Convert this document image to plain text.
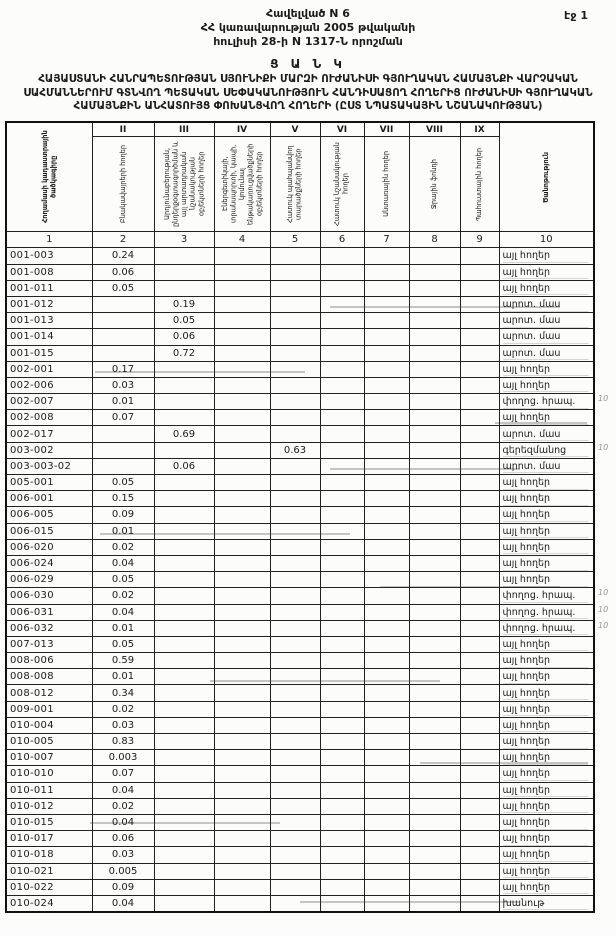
էջ 1
Հավելված N 6
ՀՀ կառավարության 2005 թվականի
հուլիսի 28-ի N 1317-Ն որոշման
Ց Ա Ն Կ
ՀԱՅԱՍՏԱՆԻ ՀԱՆՐԱՊԵՏՈՒԹՅԱՆ ՍՅՈՒՆԻՔԻ ՄԱՐԶԻ ՈՒԺԱՆԻՍԻ ԳՅՈՒՂԱԿԱՆ ՀԱՄԱՅՆՔԻ ՎԱՐՉԱԿԱՆ ՍԱՀՄԱՆՆԵՐՈՒՄ ԳՏՆՎՈՂ ՊԵՏԱԿԱՆ ՍԵՓԱԿԱՆՈՒԹՅՈՒՆ ՀԱՆԴԻՍԱՑՈՂ ՀՈՂԵՐԻՑ ՈՒԺԱՆԻՍԻ ԳՅՈՒՂԱԿԱՆ ՀԱՄԱՅՆՔԻՆ ԱՆՀԱՏՈՒՅՑ ՓՈԽԱՆՑՎՈՂ ՀՈՂԵՐԻ (ԸՍՏ ՆՊԱՏԱԿԱՅԻՆ ՆՇԱՆԱԿՈՒԹՅԱՆ)
Հողամասի կադաստրային ծածկագիրը	II	III	IV	V	VI	VII	VIII	IX	Ծանոթություն

	Բնակավայրերի հողեր	Արդյունաբերության, ընդերքօգտագործման և այլ արտադրական նշանակության օբյեկտների հողեր	Էներգետիկայի, տրանսպորտի, կապի, կոմունալ ենթակառուցվածքների օբյեկտների հողեր	Հատուկ պահպանվող տարածքների հողեր	Հատուկ նշանակության հողեր	Անտառային հողեր	Ջրային ֆոնդի	Պահուստային հողեր	

1	2	3	4	5	6	7	8	9	10
001-003	0.24								այլ հողեր
001-008	0.06								այլ հողեր
001-011	0.05								այլ հողեր
001-012		0.19							արոտ. մաս
001-013		0.05							արոտ. մաս
001-014		0.06							արոտ. մաս
001-015		0.72							արոտ. մաս
002-001	0.17								այլ հողեր
002-006	0.03								այլ հողեր
002-007	0.01								փողոց. հրապ.
002-008	0.07								այլ հողեր
002-017		0.69							արոտ. մաս
003-002				0.63					գերեզմանոց
003-003-02		0.06							արոտ. մաս
005-001	0.05								այլ հողեր
006-001	0.15								այլ հողեր
006-005	0.09								այլ հողեր
006-015	0.01								այլ հողեր
006-020	0.02								այլ հողեր
006-024	0.04								այլ հողեր
006-029	0.05								այլ հողեր
006-030	0.02								փողոց. հրապ.
006-031	0.04								փողոց. հրապ.
006-032	0.01								փողոց. հրապ.
007-013	0.05								այլ հողեր
008-006	0.59								այլ հողեր
008-008	0.01								այլ հողեր
008-012	0.34								այլ հողեր
009-001	0.02								այլ հողեր
010-004	0.03								այլ հողեր
010-005	0.83								այլ հողեր
010-007	0.003								այլ հողեր
010-010	0.07								այլ հողեր
010-011	0.04								այլ հողեր
010-012	0.02								այլ հողեր
010-015	0.04								այլ հողեր
010-017	0.06								այլ հողեր
010-018	0.03								այլ հողեր
010-021	0.005								այլ հողեր
010-022	0.09								այլ հողեր
010-024	0.04								խանութ
10
10
10
10
10
